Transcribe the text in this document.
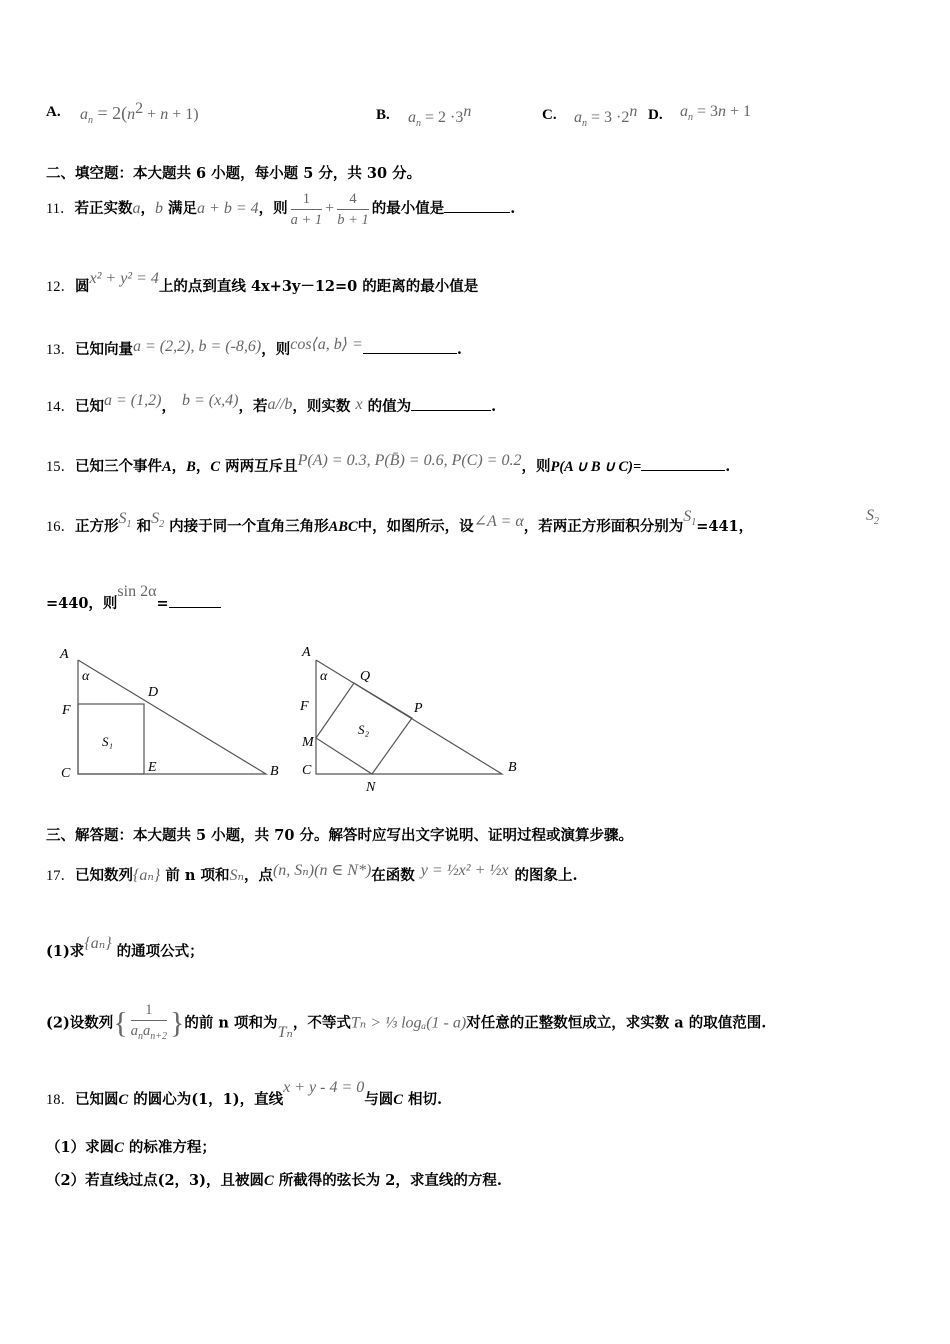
A. $a_n = 2(n^2 + n + 1)$	B. $a_n = 2 \cdot 3^n$	C. $a_n = 3 \cdot 2^n$ D. $a_n = 3n + 1$
二、填空题：本大题共 6 小题，每小题 5 分，共 30 分。
11．若正实数a，b 满足a + b = 4，则 $\frac{1}{a + 1} + \frac{4}{b + 1}$ 的最小值是	.
12．圆x² + y² = 4上的点到直线 4x+3y－12=0 的距离的最小值是
13．已知向量a = (2,2), b = (-8,6)，则cos⟨a, b⟩ =	.
14．已知a = (1,2)， b = (x,4)，若a//b，则实数 x 的值为	.
15．已知三个事件A，B，C 两两互斥且P(A) = 0.3, P(B̄) = 0.6, P(C) = 0.2，则P(A ∪ B ∪ C)=	.
16．正方形$S_1$ 和$S_2$ 内接于同一个直角三角形ABC中，如图所示，设∠A = α，若两正方形面积分别为$S_1=441$，
$S_2$
=440，则sin 2α=
A
α
D
F
S₁
C	E	B
A
α Q
F	P
M
S₂
C
N
B
三、解答题：本大题共 5 小题，共 70 分。解答时应写出文字说明、证明过程或演算步骤。
17．已知数列{aₙ} 前 n 项和Sₙ，点(n, Sₙ)(n ∈ N*)在函数 y = ½x² + ½x 的图象上.
(1)求{aₙ} 的通项公式；
(2)设数列{ $\frac{1}{a_na_{n+2}}$ }的前 n 项和为Tₙ，不等式Tₙ > ⅓ logₐ(1 - a)对任意的正整数恒成立，求实数 a 的取值范围.
18．已知圆C 的圆心为(1，1)，直线x + y - 4 = 0与圆C 相切.
（1）求圆C 的标准方程；
（2）若直线过点(2，3)，且被圆C 所截得的弦长为 2，求直线的方程.
